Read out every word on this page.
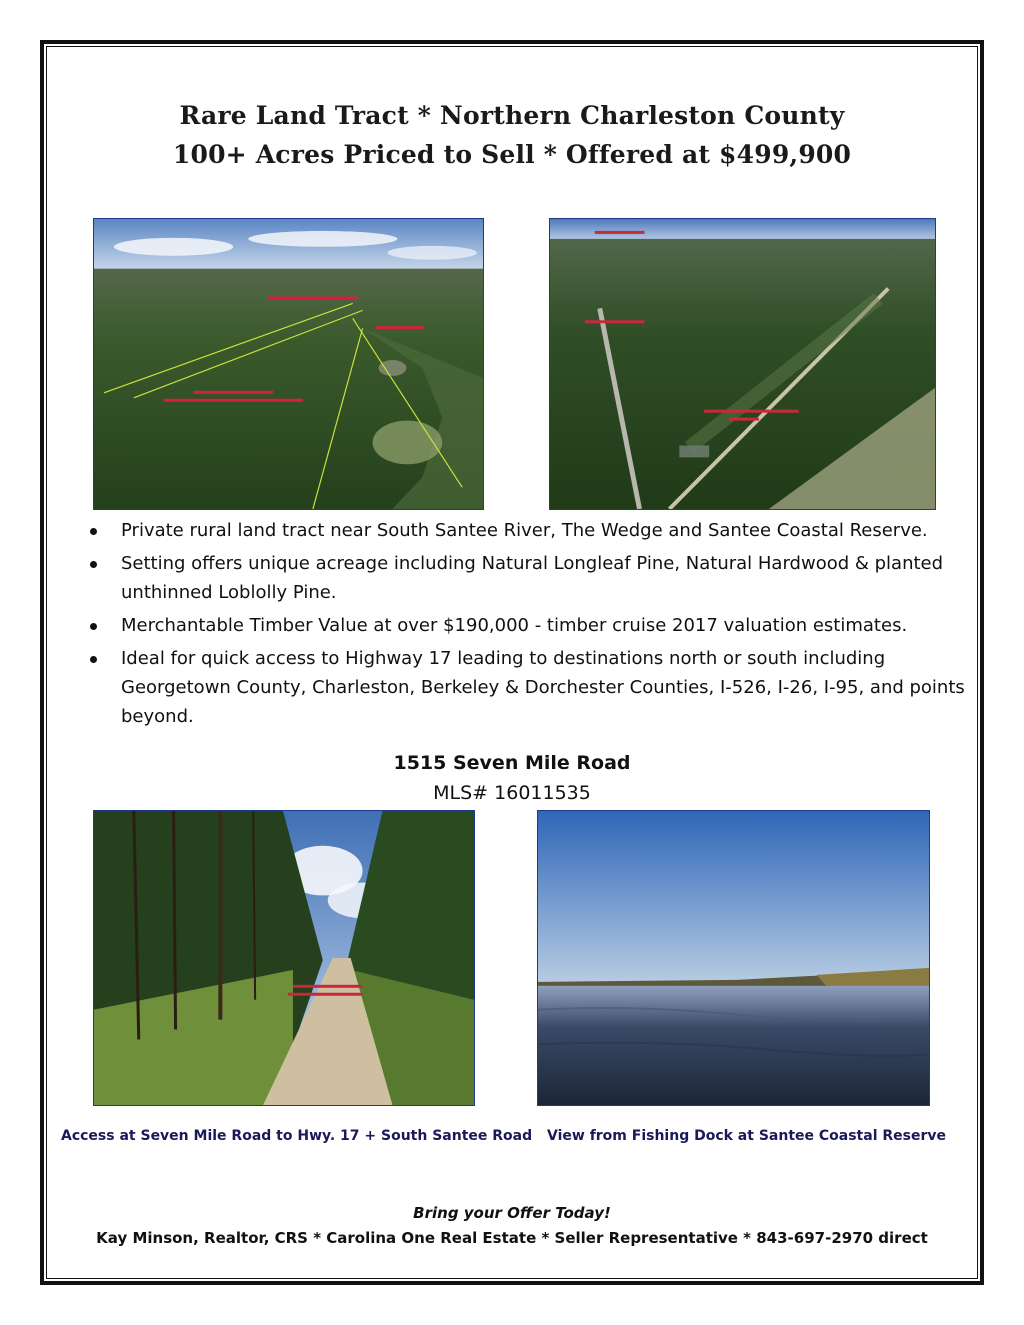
Rare Land Tract * Northern Charleston County
100+ Acres Priced to Sell * Offered at $499,900
Private rural land tract near South Santee River, The Wedge and Santee Coastal Reserve.
Setting offers unique acreage including Natural Longleaf Pine, Natural Hardwood & planted unthinned Loblolly Pine.
Merchantable Timber Value at over $190,000 - timber cruise 2017 valuation estimates.
Ideal for quick access to Highway 17 leading to destinations north or south including Georgetown County, Charleston, Berkeley & Dorchester Counties, I-526, I-26, I-95, and points beyond.
1515 Seven Mile Road
MLS# 16011535
Access at Seven Mile Road to Hwy. 17 + South Santee Road View from Fishing Dock at Santee Coastal Reserve
Bring your Offer Today!
Kay Minson, Realtor, CRS * Carolina One Real Estate * Seller Representative * 843-697-2970 direct
